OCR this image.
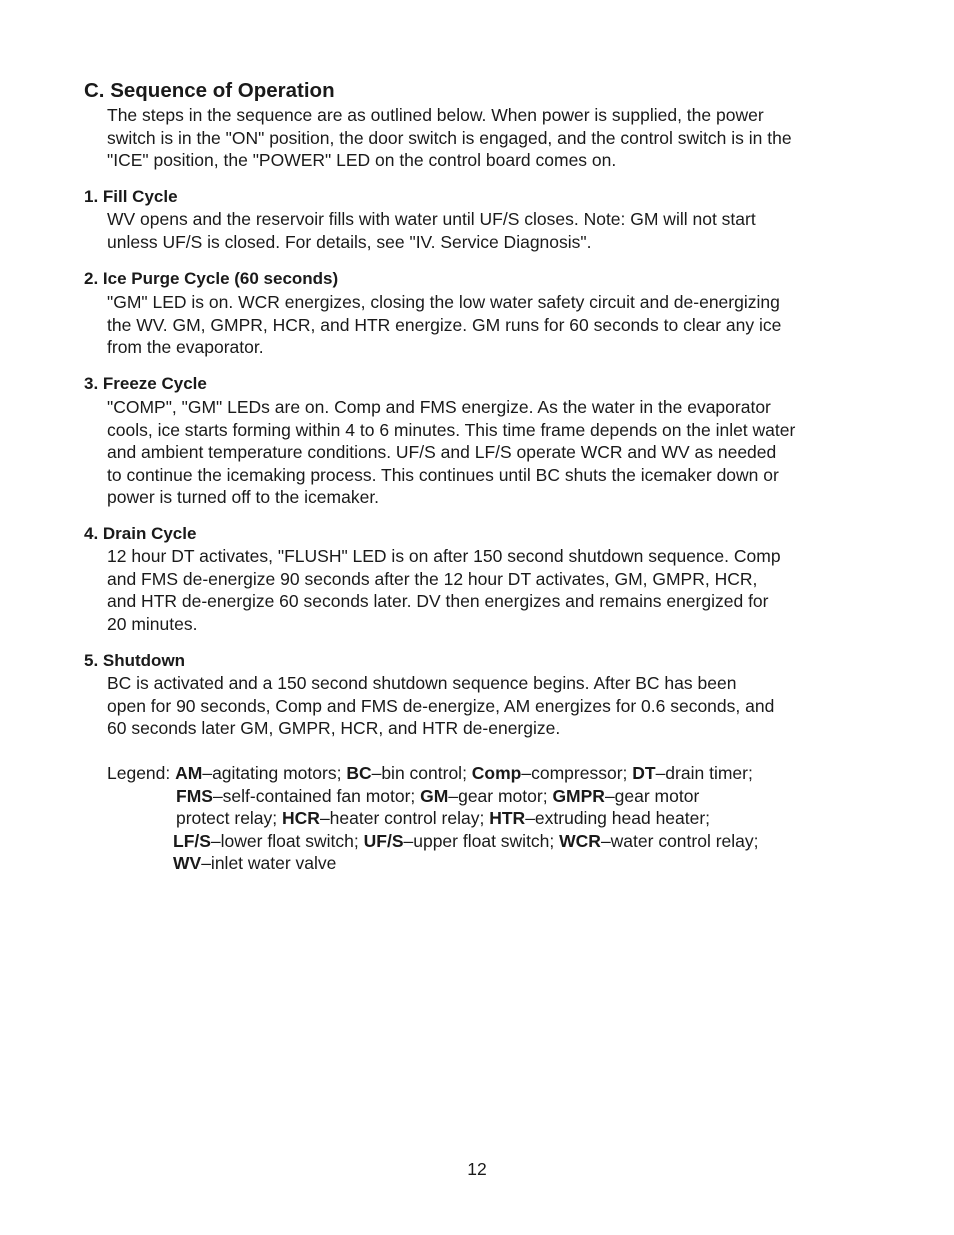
C. Sequence of Operation

The steps in the sequence are as outlined below. When power is supplied, the power
switch is in the "ON" position, the door switch is engaged, and the control switch is in the
"ICE" position, the "POWER" LED on the control board comes on.

1. Fill Cycle

WV opens and the reservoir fills with water until UF/S closes. Note: GM will not start
unless UF/S is closed. For details, see "IV. Service Diagnosis".

2. Ice Purge Cycle (60 seconds)

"GM" LED is on. WCR energizes, closing the low water safety circuit and de-energizing
the WV. GM, GMPR, HCR, and HTR energize. GM runs for 60 seconds to clear any ice
from the evaporator.

3. Freeze Cycle

"COMP", "GM" LEDs are on. Comp and FMS energize. As the water in the evaporator
cools, ice starts forming within 4 to 6 minutes. This time frame depends on the inlet water
and ambient temperature conditions. UF/S and LF/S operate WCR and WV as needed
to continue the icemaking process. This continues until BC shuts the icemaker down or
power is turned off to the icemaker.

4. Drain Cycle

12 hour DT activates, "FLUSH" LED is on after 150 second shutdown sequence. Comp
and FMS de-energize 90 seconds after the 12 hour DT activates, GM, GMPR, HCR,
and HTR de-energize 60 seconds later. DV then energizes and remains energized for
20 minutes.

5. Shutdown

BC is activated and a 150 second shutdown sequence begins. After BC has been
open for 90 seconds, Comp and FMS de-energize, AM energizes for 0.6 seconds, and
60 seconds later GM, GMPR, HCR, and HTR de-energize.

Legend: AM–agitating motors; BC–bin control; Comp–compressor; DT–drain timer;
FMS–self-contained fan motor; GM–gear motor; GMPR–gear motor
protect relay; HCR–heater control relay; HTR–extruding head heater;
LF/S–lower float switch; UF/S–upper float switch; WCR–water control relay;
WV–inlet water valve
12
